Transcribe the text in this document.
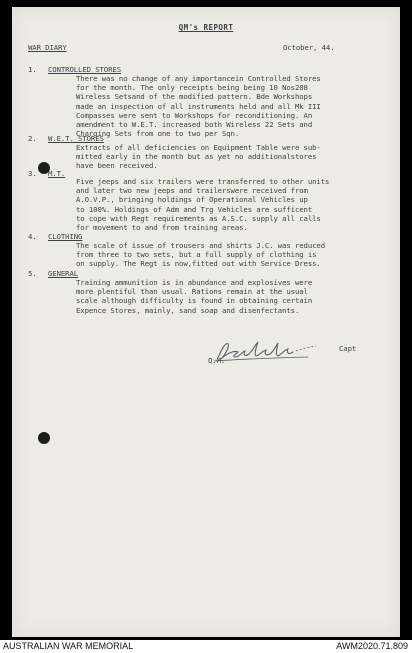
QM's REPORT
WAR DIARY	October, 44.
1. CONTROLLED STORES
There was no change of any importancein Controlled Stores
for the month. The only receipts being being 10 Nos208
Wireless Setsand of the modified pattern. Bde Workshops
made an inspection of all instruments held and all Mk III
Compasses were sent to Workshops for reconditioning. An
amendment to W.E.T. increased both Wireless 22 Sets and
Charging Sets from one to two per Sqn.
2. W.E.T. STORES
Extracts of all deficiencies on Equipment Table were sub-
mitted early in the month but as yet no additionalstores
have been received.
3. M.T.
Five jeeps and six trailers were transferred to other units
and later two new jeeps and trailerswere received from
A.O.V.P., bringing holdings of Operational Vehicles up
to 100%. Holdings of Adm and Trg Vehicles are sufficent
to cope with Regt requirements as A.S.C. supply all calls
for movement to and from training areas.
4. CLOTHING
The scale of issue of trousers and shirts J.C. was reduced
from three to two sets, but a full supply of clothing is
on supply. The Regt is now,fitted out with Service Dress.
5. GENERAL
Training ammunition is in abundance and explosives were
more plentiful than usual. Rations remain at the usual
scale although difficulty is found in obtaining certain
Expence Stores, mainly, sand soap and disenfectants.
Capt
Q.M.
AUSTRALIAN WAR MEMORIAL	AWM2020.71.809
